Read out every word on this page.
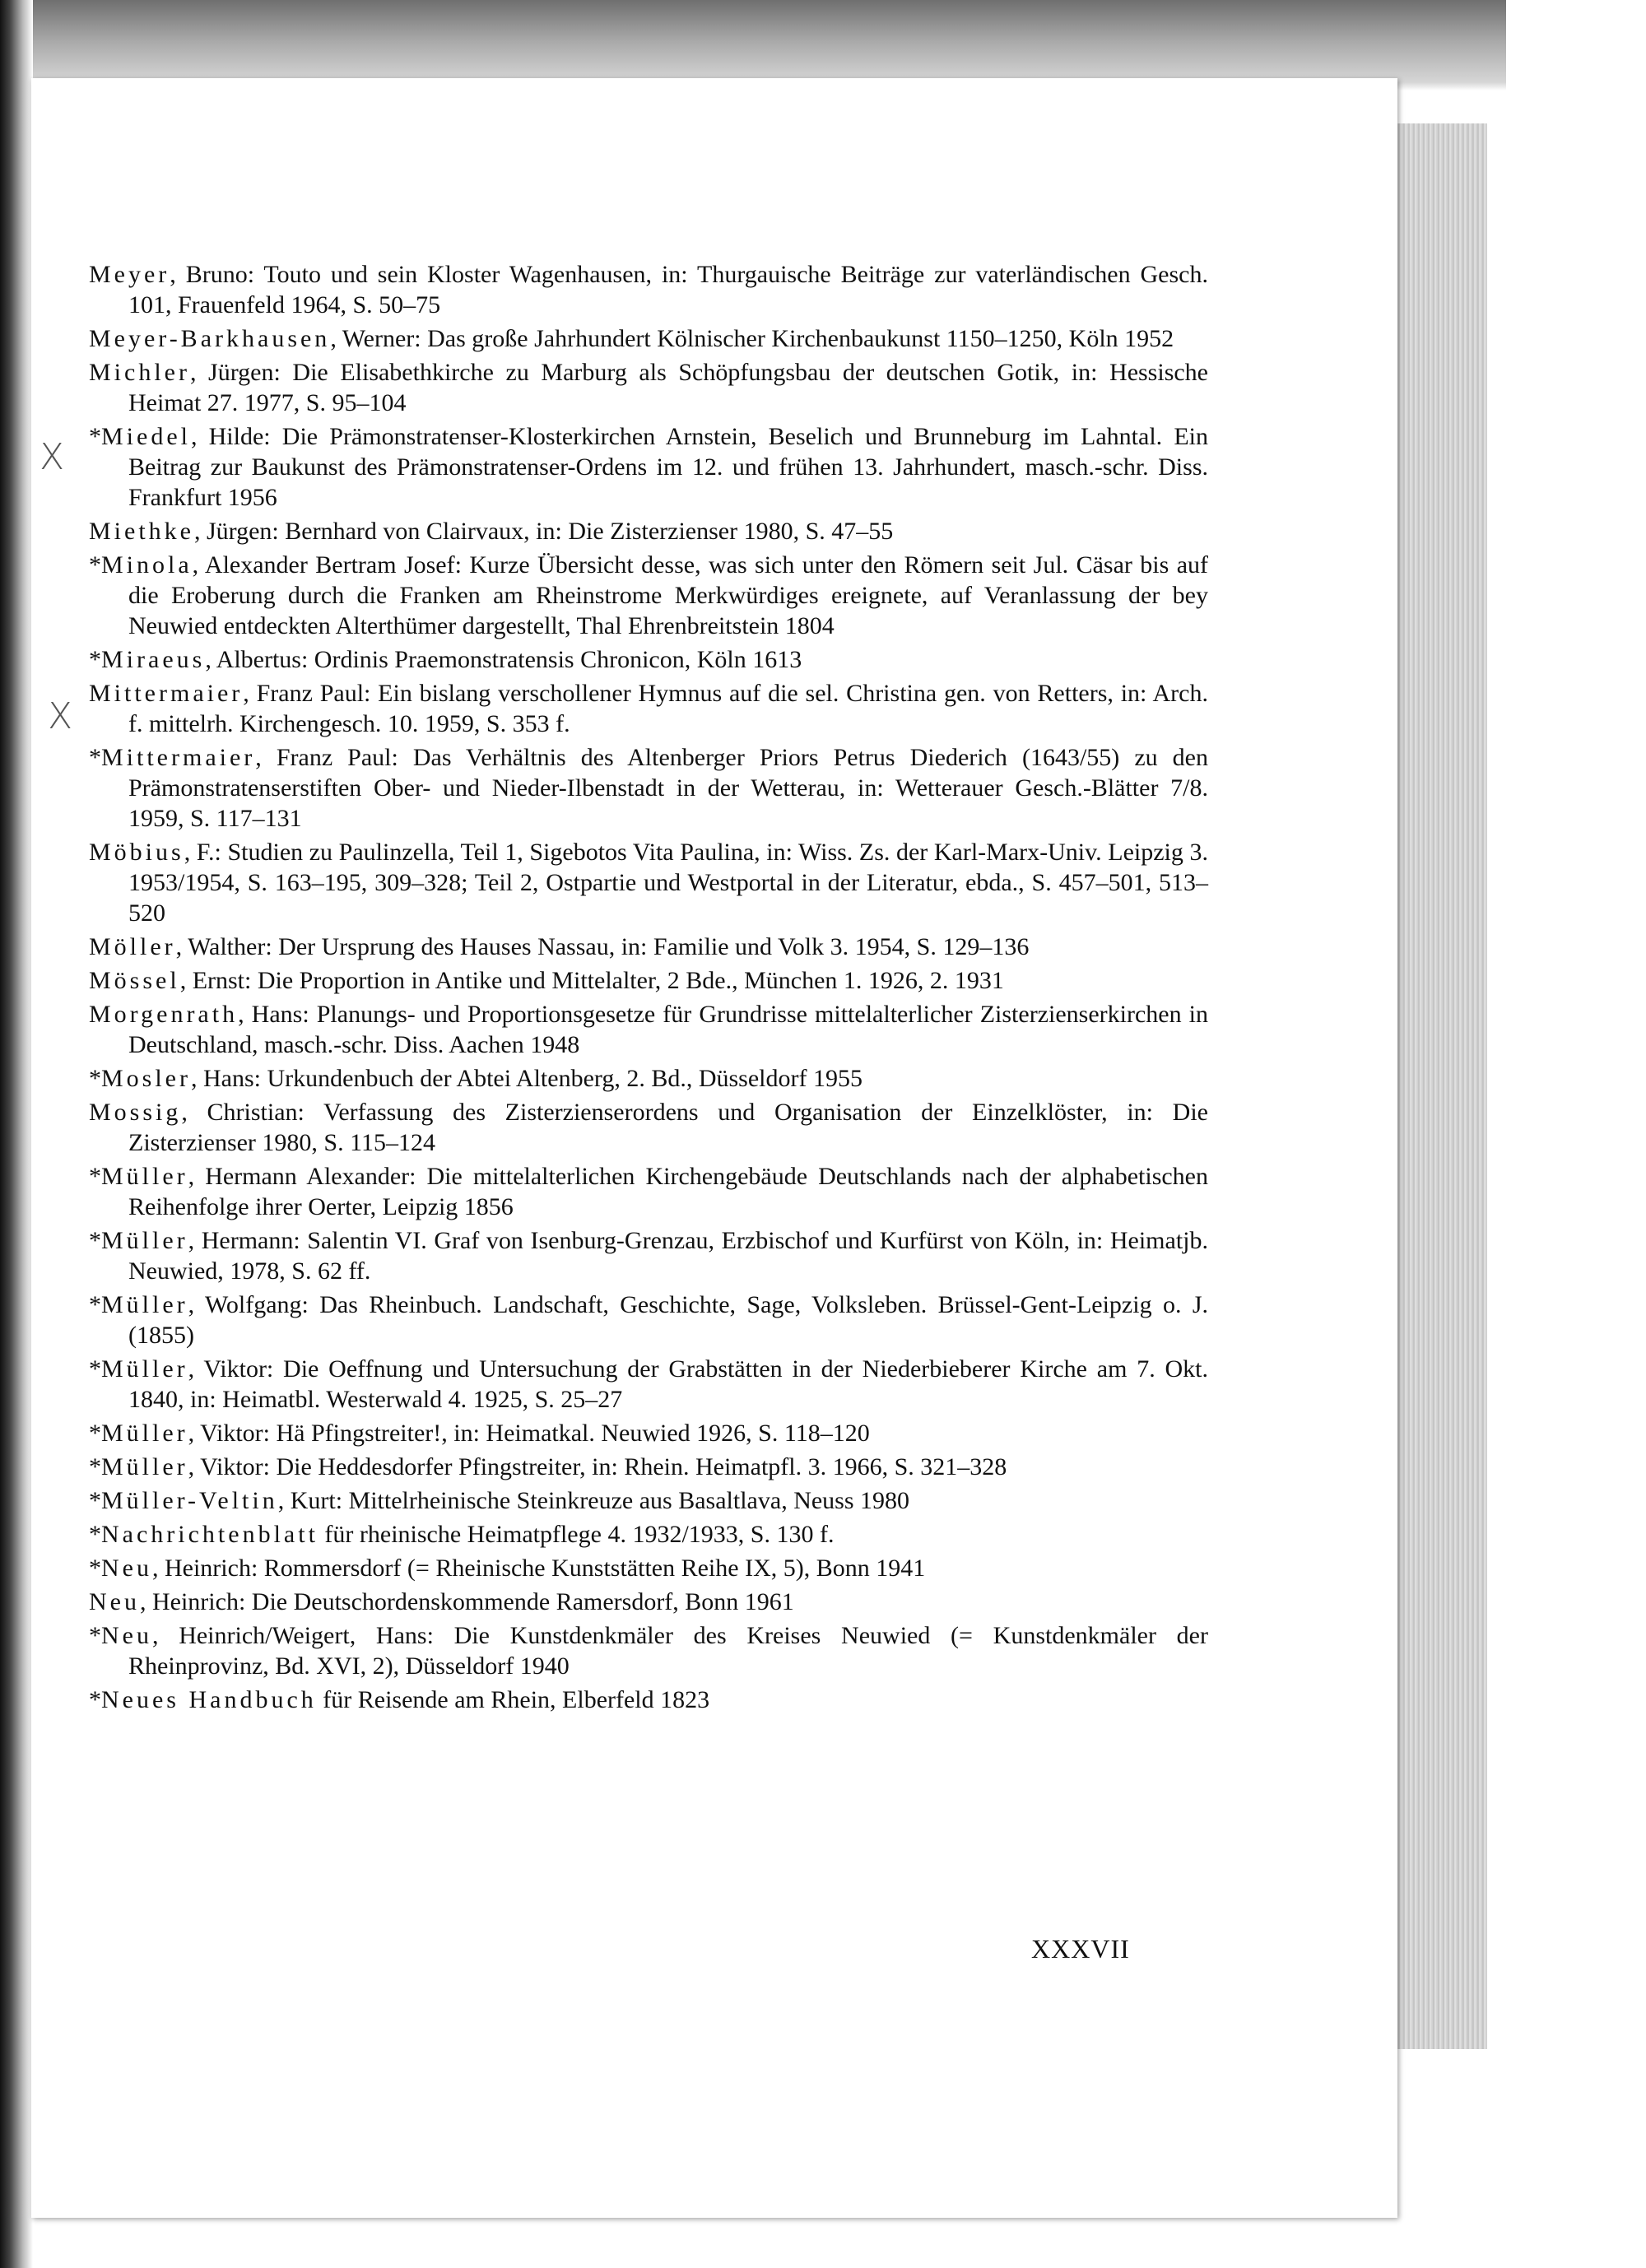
X
X

Meyer, Bruno: Touto und sein Kloster Wagenhausen, in: Thurgauische Beiträge zur vaterländischen Gesch. 101, Frauenfeld 1964, S. 50–75

Meyer-Barkhausen, Werner: Das große Jahrhundert Kölnischer Kirchenbaukunst 1150–1250, Köln 1952

Michler, Jürgen: Die Elisabethkirche zu Marburg als Schöpfungsbau der deutschen Gotik, in: Hessische Heimat 27. 1977, S. 95–104

*Miedel, Hilde: Die Prämonstratenser-Klosterkirchen Arnstein, Beselich und Brunneburg im Lahntal. Ein Beitrag zur Baukunst des Prämonstratenser-Ordens im 12. und frühen 13. Jahrhundert, masch.-schr. Diss. Frankfurt 1956

Miethke, Jürgen: Bernhard von Clairvaux, in: Die Zisterzienser 1980, S. 47–55

*Minola, Alexander Bertram Josef: Kurze Übersicht desse, was sich unter den Römern seit Jul. Cäsar bis auf die Eroberung durch die Franken am Rheinstrome Merkwürdiges ereignete, auf Veranlassung der bey Neuwied entdeckten Alterthümer dargestellt, Thal Ehrenbreitstein 1804

*Miraeus, Albertus: Ordinis Praemonstratensis Chronicon, Köln 1613

Mittermaier, Franz Paul: Ein bislang verschollener Hymnus auf die sel. Christina gen. von Retters, in: Arch. f. mittelrh. Kirchengesch. 10. 1959, S. 353 f.

*Mittermaier, Franz Paul: Das Verhältnis des Altenberger Priors Petrus Diederich (1643/55) zu den Prämonstratenserstiften Ober- und Nieder-Ilbenstadt in der Wetterau, in: Wetterauer Gesch.-Blätter 7/8. 1959, S. 117–131

Möbius, F.: Studien zu Paulinzella, Teil 1, Sigebotos Vita Paulina, in: Wiss. Zs. der Karl-Marx-Univ. Leipzig 3. 1953/1954, S. 163–195, 309–328; Teil 2, Ostpartie und Westportal in der Literatur, ebda., S. 457–501, 513–520

Möller, Walther: Der Ursprung des Hauses Nassau, in: Familie und Volk 3. 1954, S. 129–136

Mössel, Ernst: Die Proportion in Antike und Mittelalter, 2 Bde., München 1. 1926, 2. 1931

Morgenrath, Hans: Planungs- und Proportionsgesetze für Grundrisse mittelalterlicher Zisterzienserkirchen in Deutschland, masch.-schr. Diss. Aachen 1948

*Mosler, Hans: Urkundenbuch der Abtei Altenberg, 2. Bd., Düsseldorf 1955

Mossig, Christian: Verfassung des Zisterzienserordens und Organisation der Einzelklöster, in: Die Zisterzienser 1980, S. 115–124

*Müller, Hermann Alexander: Die mittelalterlichen Kirchengebäude Deutschlands nach der alphabetischen Reihenfolge ihrer Oerter, Leipzig 1856

*Müller, Hermann: Salentin VI. Graf von Isenburg-Grenzau, Erzbischof und Kurfürst von Köln, in: Heimatjb. Neuwied, 1978, S. 62 ff.

*Müller, Wolfgang: Das Rheinbuch. Landschaft, Geschichte, Sage, Volksleben. Brüssel-Gent-Leipzig o. J. (1855)

*Müller, Viktor: Die Oeffnung und Untersuchung der Grabstätten in der Niederbieberer Kirche am 7. Okt. 1840, in: Heimatbl. Westerwald 4. 1925, S. 25–27

*Müller, Viktor: Hä Pfingstreiter!, in: Heimatkal. Neuwied 1926, S. 118–120

*Müller, Viktor: Die Heddesdorfer Pfingstreiter, in: Rhein. Heimatpfl. 3. 1966, S. 321–328

*Müller-Veltin, Kurt: Mittelrheinische Steinkreuze aus Basaltlava, Neuss 1980

*Nachrichtenblatt für rheinische Heimatpflege 4. 1932/1933, S. 130 f.

*Neu, Heinrich: Rommersdorf (= Rheinische Kunststätten Reihe IX, 5), Bonn 1941

Neu, Heinrich: Die Deutschordenskommende Ramersdorf, Bonn 1961

*Neu, Heinrich/Weigert, Hans: Die Kunstdenkmäler des Kreises Neuwied (= Kunstdenkmäler der Rheinprovinz, Bd. XVI, 2), Düsseldorf 1940

*Neues Handbuch für Reisende am Rhein, Elberfeld 1823

XXXVII
